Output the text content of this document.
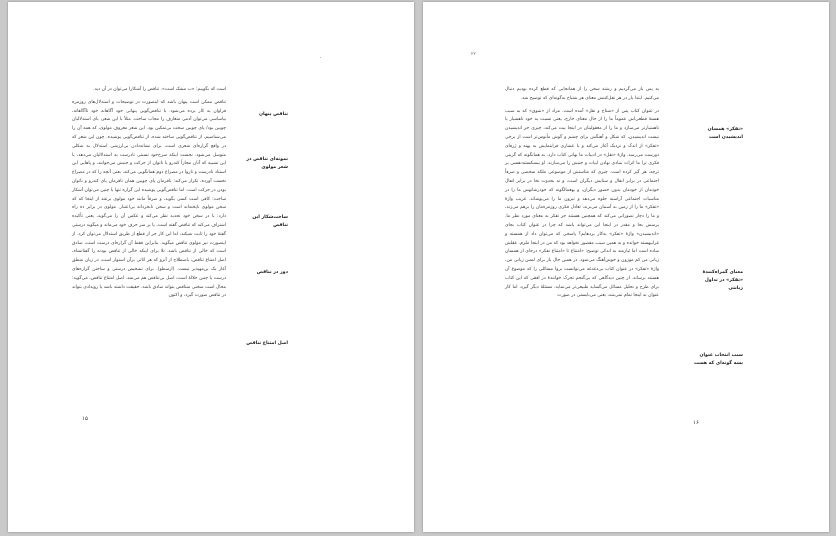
است که بگوییم: «ب مشک است». تناقض را آشکارا می‌توان در آن دید.

تناقض ممکن است پنهان باشد که اینصورت در توضیحات و استدلال‌های روزمره فراوان به کار برده می‌شود. با تناقض‌گویی پنهانی خود آگاهانه خود ناآگاهانه، بیاساسی می‌توان آدمی متعارف را مجاب ساخت. مثلاً با این شعر، بای استدلالیان چوبین بود/ پای چوبین سخت بی‌تمکین بود. این شعر معروف مولوی، که همه آن را می‌شناسیم، از تناقض‌گویی ساخته شده، از تناقض‌گویی پوشیده. چون این شعر که در واقع گزاره‌ای شعری است، برای نشانه‌دادن بی‌ارزشی استدلال به شکلی متوسل می‌شود. نخست اینکه سرخ‌خود نسبتی نادرست به استدلالیان می‌دهد، یا این تشبیه که آنان مجازاً کندرو یا ناتوان از حرکت و جنبش می‌خوانند، و پاهایی این استناد نادرست و ناروا در مصراع دوم همانگویی می‌کند، یعنی آنچه را که در مصراع نخست آورده، تکرار می‌کند: ناقرمان پای چوبین همان ناقرمان پای کندرو و ناتوان بودن در حرکت است. اما تناقض‌گویی پوشیده این گزاره تنها با چنین می‌توان آشکار ساخت: کافی است کسی بگوید، و صرفاً مانند خود مولوی برعند از اینجا که که سخن مولوی ناپخته‌انه است و سخن نابخردانه بی‌اعتبار. مولوی در برابر ده راه دارد: یا در سخن خود تجدید نظر می‌کند و عکس آن را می‌گوید، یعنی تأکیده اشتراف می‌کند که تناقض گفته است، یا بر سر حرف خود می‌ماند و میگوید درستی گفتهٔ خود را ثابت نمیکند، اما این کار جز از قطع از طریق استدلال می‌توان کرد. از اینصورت نیز مولوی تناقض میگوید. بنابراین فقط آن گزاره‌ای درست است، صادق است که خالی از تناقض باشد. تلا برای اینکه خالی از تناقض بودنه را گفتانشاه، اصل امتناع تناقض، باصطلاح از آنرو که هر اثاثی برآن استوار است، در زبان منطق آغاز یک بن‌مهپذیر نیست. (ارسطو). برای تشخیص درستی و ساختن گزاره‌های درست یا چنین حلالهٔ است، اصل بی‌تناقض هم می‌شد. اصل امتناع تناقض، می‌گوید: محال است سخنی متناقض بتواند صادق باشد. حقیقت داشته باشد یا رویدادی بتواند در تناقض صورت گیرد، و اکنون

تناقض پنهان
نمونه‌ای تناقض در شعر مولوی
ساخت‌شکار این تناقض
دور در تناقض
اصل امتناع تناقض
۱۵
۲۲

به پس باز می‌گردیم و رشته سخن را از همانجایی که قطع کرده بودیم دنبال می‌کنیم. ابتدا بار در هر نقل‌کننش معنای هر شتباخ به‌گونه‌ای که توضیح شد.

در عنوان کتاب پس از «شتاخ و نقل» آمده است. مراد از «شوق» که به سبب هستهٔ قطعی‌اش عموماً ما را از حال معنای خارج، یعنی نسبت به خود ناهشیار یا ناهشیارتر می‌سازد و ما را از معقولیتان در اینجا بیت می‌کند، چیزی جز اندیشیدن نیست اندیشیدن، که شکل و آهنگش برای چشم و گوش مأنوس‌تر است از برخی «تفکر» از اندک و نزدیک آغاز می‌کند و با عشاری فرابتمایش به پهنه و ژرفای دورست می‌رسد. واژهٔ «نقل» در ادبیات ما بهانی کتاب دارد. به همانگونه که گرینی فکری ترا ما اثرات بنیادی نهادن ابیات و جنبش را می‌سازند. او بیشکستند‌نفسی بر ترچه، هر گیر کرده است. چیزی که متاستش از موضوعی ملکه شخصی و صرفاً اجتماعی در برابر انفال و ستایش دیگران است، و نه بخدوت نخا در برابر انفال خودمان از خودمان بدون حضور دیگران، و بهعمالگونه که خودرشانهش ما را در مناسبات اجتماعی آراسته جلوه می‌دهد و تبرون ما را می‌پوشاند. غریب واژهٔ «تفکر» ما را از زمین به آسمان می‌برند، تعادل فکری روزمره‌مان را برهم می‌زند، و ما را دچار تصورانی می‌کند که همچنین هستند جز تفکر به معنای مورد نظر ما. پرسش بجا و مقدر در اینجا این می‌تواند باشد که چرا در عنوان کتاب بجای «اندیشیدن» واژهٔ «تفکر» به‌کار بردهایم؟ پاسخی که می‌توان داد از همسته و غرابیهسته خوانده و به همین سبب مقصور نخواهد بود که من در اینجا ملزم. عقلش ساده است اما ئیازمند به اندکی توضیح: «امتناع تا «امتناع تفکر» درجای از همسان زیانی من کم موزون و خوش‌آهنگ می‌نمود. در همین حال باز برای لمس زیانی من، واژهٔ «تفکر» در عنوان کتاب بی‌دغدغه می‌توانست بروا مسائلی را که موضوع آن هستند برساند. از چنین دیدگاهی که بی‌گنجم تحرک خوانندهٔ در افقی که این کتاب برای طرح و تحلیل مسائل می‌گشاید طبیعی‌تر می‌نماید. مسئلهٔ دیگر گپرد، اما کار عنوان به اینجا تمام نمی‌شد، یعنی می‌بایستی در صورت

«تفکر» همسان اندیشیدن است
معنای گمراه‌کنندهٔ «تفکر» در تداول زیانتی
سبب انتخاب عنوان بسه گونه‌ای که هست
۱۶
